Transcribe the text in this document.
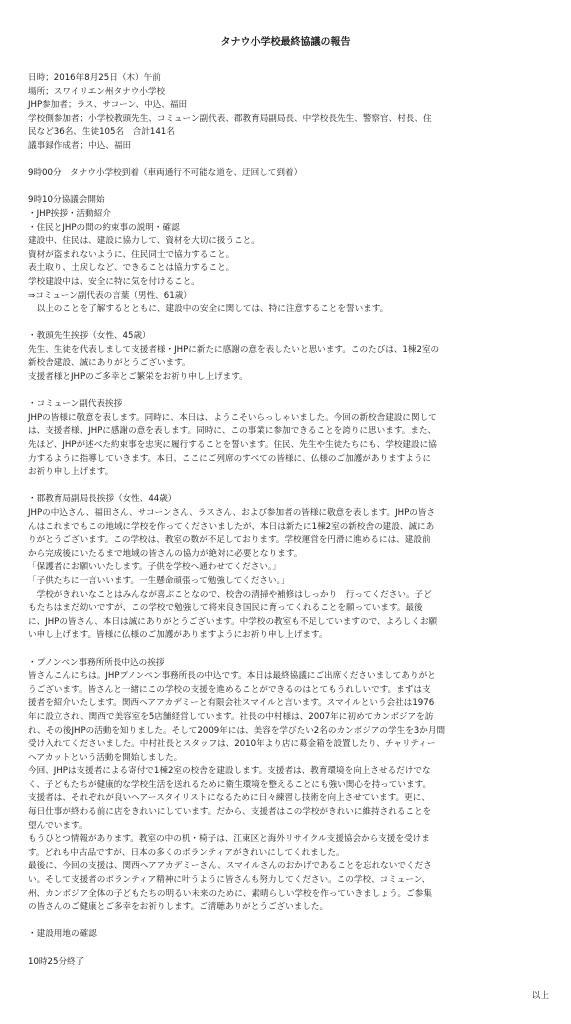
タナウ小学校最終協議の報告
日時；2016年8月25日（木）午前
場所；スワイリエン州タナウ小学校
JHP参加者；ラス、サコーン、中込、福田
学校側参加者；小学校教頭先生、コミューン副代表、郡教育局副局長、中学校長先生、警察官、村長、住
民など36名、生徒105名　合計141名
議事録作成者；中込、福田
9時00分　タナウ小学校到着（車両通行不可能な道を、迂回して到着）
9時10分協議会開始
・JHP挨拶・活動紹介
・住民とJHPの間の約束事の説明・確認
建設中、住民は、建設に協力して、資材を大切に扱うこと。
資材が盗まれないように、住民同士で協力すること。
表土取り、土戻しなど、できることは協力すること。
学校建設中は、安全に特に気を付けること。
⇒コミューン副代表の言葉（男性、61歳）
　以上のことを了解するとともに、建設中の安全に関しては、特に注意することを誓います。
・教頭先生挨拶（女性、45歳）
先生、生徒を代表しまして支援者様・JHPに新たに感謝の意を表したいと思います。このたびは、1棟2室の
新校舎建設、誠にありがとうございます。
支援者様とJHPのご多幸とご繁栄をお祈り申し上げます。
・コミューン副代表挨拶
JHPの皆様に敬意を表します。同時に、本日は、ようこそいらっしゃいました。今回の新校舎建設に関して
は、支援者様、JHPに感謝の意を表します。同時に、この事業に参加できることを誇りに思います。また、
先ほど、JHPが述べた約束事を忠実に履行することを誓います。住民、先生や生徒たちにも、学校建設に協
力するように指導していきます。本日、ここにご列席のすべての皆様に、仏様のご加護がありますように
お祈り申し上げます。
・郡教育局副局長挨拶（女性、44歳）
JHPの中込さん、福田さん、サコーンさん、ラスさん、および参加者の皆様に敬意を表します。JHPの皆さ
んはこれまでもこの地域に学校を作ってくださいましたが、本日は新たに1棟2室の新校舎の建設、誠にあ
りがとうございます。この学校は、教室の数が不足しております。学校運営を円滑に進めるには、建設前
から完成後にいたるまで地域の皆さんの協力が絶対に必要となります。
「保護者にお願いいたします。子供を学校へ通わせてください。」
「子供たちに一言いいます。一生懸命頑張って勉強してください。」
　学校がきれいなことはみんなが喜ぶことなので、校舎の清掃や補修はしっかり　行ってください。子ど
もたちはまだ幼いですが、この学校で勉強して将来良き国民に育ってくれることを願っています。最後
に、JHPの皆さん、本日は誠にありがとうございます。中学校の教室も不足していますので、よろしくお願
い申し上げます。皆様に仏様のご加護がありますようにお祈り申し上げます。
・プノンペン事務所所長中込の挨拶
皆さんこんにちは。JHPプノンペン事務所長の中込です。本日は最終協議にご出席くださいましてありがと
うございます。皆さんと一緒にこの学校の支援を進めることができるのはとてもうれしいです。まずは支
援者を紹介いたします。関西ヘアアカデミーと有限会社スマイルと言います。スマイルという会社は1976
年に設立され、関西で美容室を5店舗経営しています。社長の中村様は、2007年に初めてカンボジアを訪
れ、その後JHPの活動を知りました。そして2009年には、美容を学びたい2名のカンボジアの学生を3か月間
受け入れてくださいました。中村社長とスタッフは、2010年より店に募金箱を設置したり、チャリティー
ヘアカットという活動を開始しました。
今回、JHPは支援者による寄付で1棟2室の校舎を建設します。支援者は、教育環境を向上させるだけでな
く、子どもたちが健康的な学校生活を送れるために衛生環境を整えることにも強い関心を持っています。
支援者は、それぞれが良いヘアースタイリストになるために日々練習し技術を向上させています。更に、
毎日仕事が終わる前に店をきれいにしています。だから、支援者はこの学校がきれいに維持されることを
望んでいます。
もうひとつ情報があります。教室の中の机・椅子は、江東区と海外リサイクル支援協会から支援を受けま
す。どれも中古品ですが、日本の多くのボランティアがきれいにしてくれました。
最後に、今回の支援は、関西ヘアアカデミーさん、スマイルさんのおかげであることを忘れないでくださ
い。そして支援者のボランティア精神に叶うように皆さんも努力してください。この学校、コミューン、
州、カンボジア全体の子どもたちの明るい未来のために、素晴らしい学校を作っていきましょう。ご参集
の皆さんのご健康とご多幸をお祈りします。ご清聴ありがとうございました。
・建設用地の確認
10時25分終了
以上
